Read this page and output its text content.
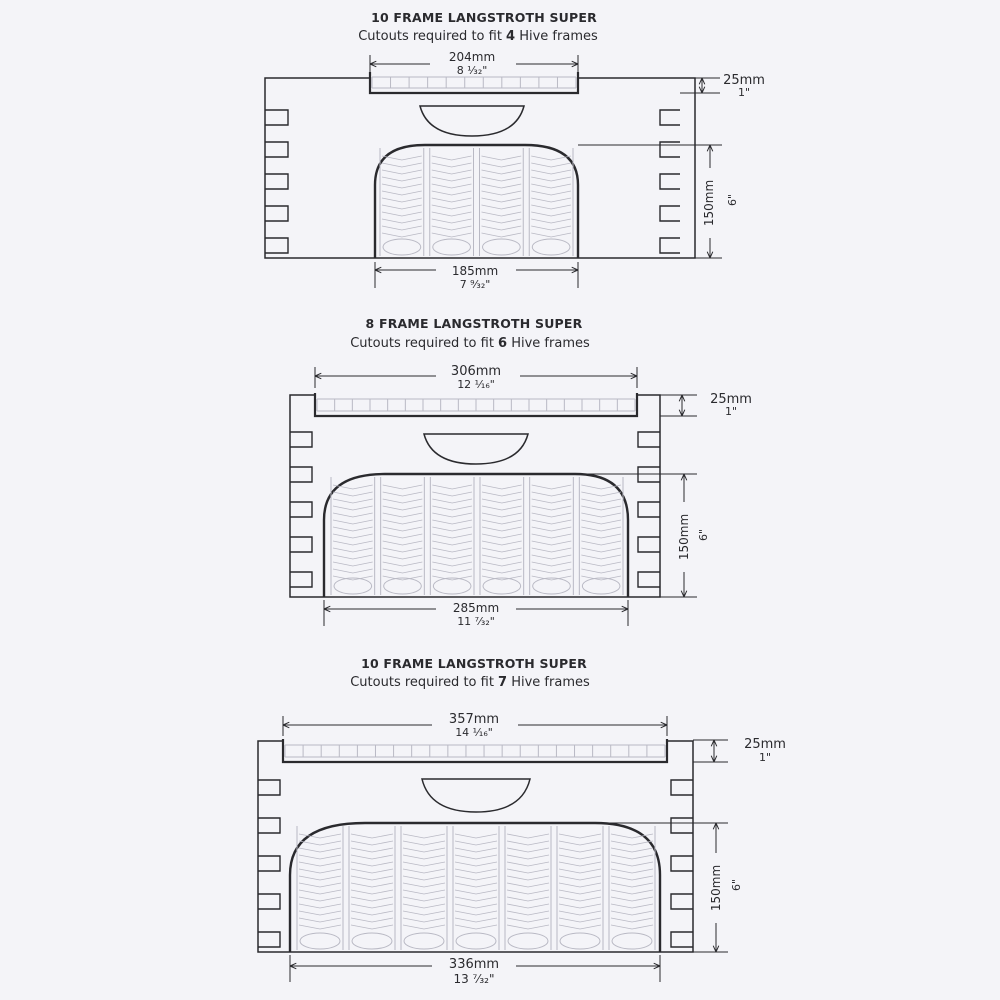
10 FRAME LANGSTROTH SUPER
Cutouts required to fit 4 Hive frames
204mm
8 ¹⁄₃₂"
25mm
1"
150mm 6"
185mm
7 ⁹⁄₃₂"
8 FRAME LANGSTROTH SUPER
Cutouts required to fit 6 Hive frames
306mm
12 ¹⁄₁₆"
25mm
1"
150mm 6"
285mm
11 ⁷⁄₃₂"
10 FRAME LANGSTROTH SUPER
Cutouts required to fit 7 Hive frames
357mm
14 ¹⁄₁₆"
25mm
1"
150mm 6"
336mm
13 ⁷⁄₃₂"
